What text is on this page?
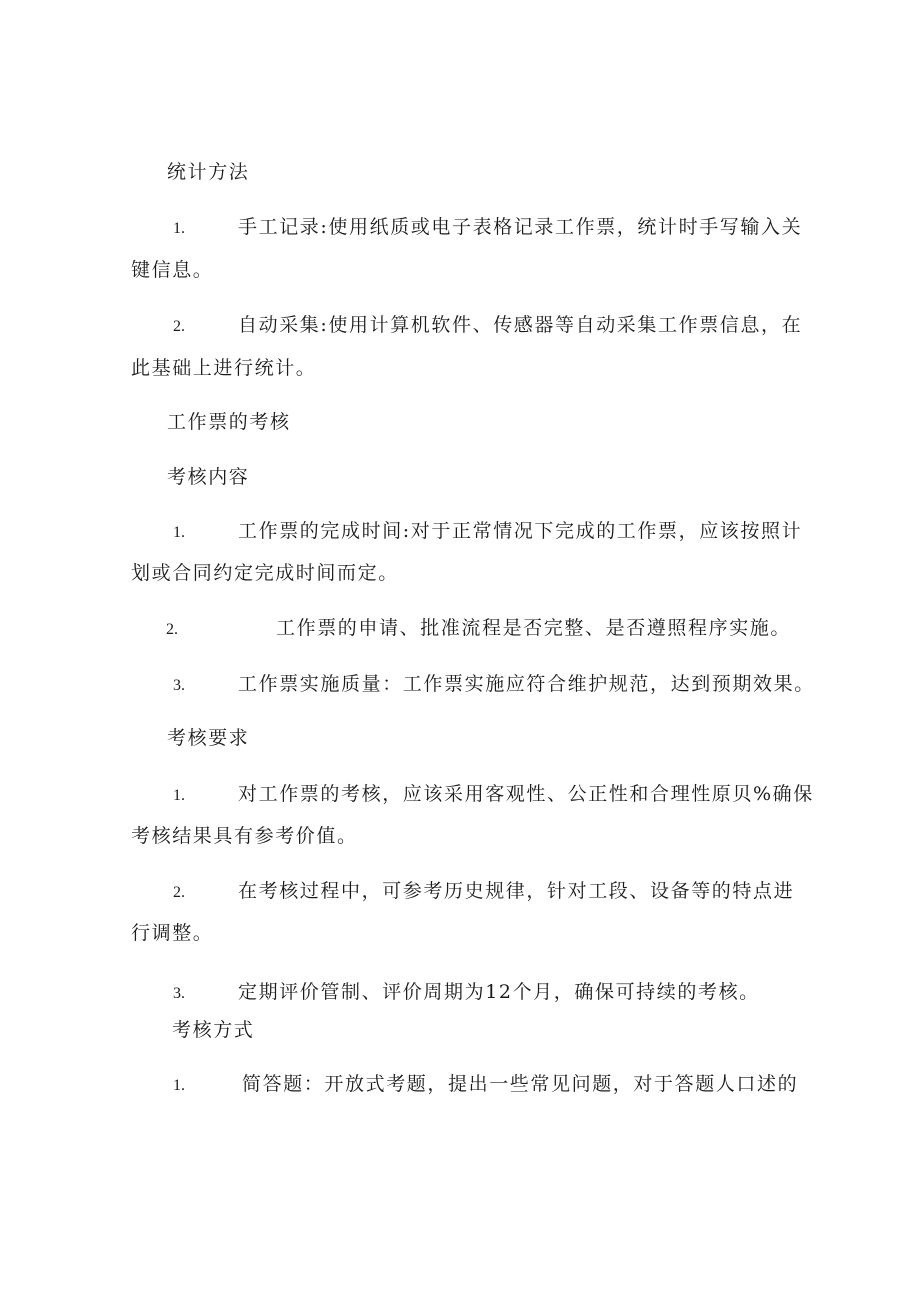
统计方法
1.	手工记录:使用纸质或电子表格记录工作票，统计时手写输入关
键信息。
2.	自动采集:使用计算机软件、传感器等自动采集工作票信息，在
此基础上进行统计。
工作票的考核
考核内容
1.	工作票的完成时间:对于正常情况下完成的工作票，应该按照计
划或合同约定完成时间而定。
2.	工作票的申请、批准流程是否完整、是否遵照程序实施。
3.	工作票实施质量：工作票实施应符合维护规范，达到预期效果。
考核要求
1.	对工作票的考核，应该采用客观性、公正性和合理性原贝%确保
考核结果具有参考价值。
2.	在考核过程中，可参考历史规律，针对工段、设备等的特点进
行调整。
3.	定期评价管制、评价周期为12个月，确保可持续的考核。
考核方式
1.	简答题：开放式考题，提出一些常见问题，对于答题人口述的
